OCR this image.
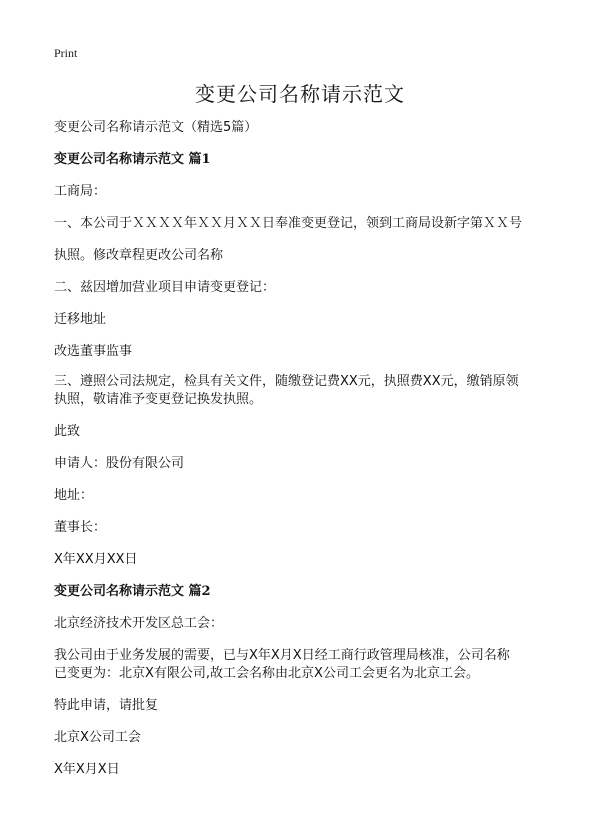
Print
变更公司名称请示范文
变更公司名称请示范文（精选5篇）
变更公司名称请示范文 篇1
工商局：
一、本公司于ＸＸＸＸ年ＸＸ月ＸＸ日奉准变更登记，领到工商局设新字第ＸＸ号
执照。修改章程更改公司名称
二、兹因增加营业项目申请变更登记：
迁移地址
改选董事监事
三、遵照公司法规定，检具有关文件，随缴登记费XX元，执照费XX元，缴销原领
执照，敬请准予变更登记换发执照。
此致
申请人：股份有限公司
地址：
董事长：
X年XX月XX日
变更公司名称请示范文 篇2
北京经济技术开发区总工会：
我公司由于业务发展的需要，已与X年X月X日经工商行政管理局核准，公司名称
已变更为：北京X有限公司,故工会名称由北京X公司工会更名为北京工会。
特此申请，请批复
北京X公司工会
X年X月X日
